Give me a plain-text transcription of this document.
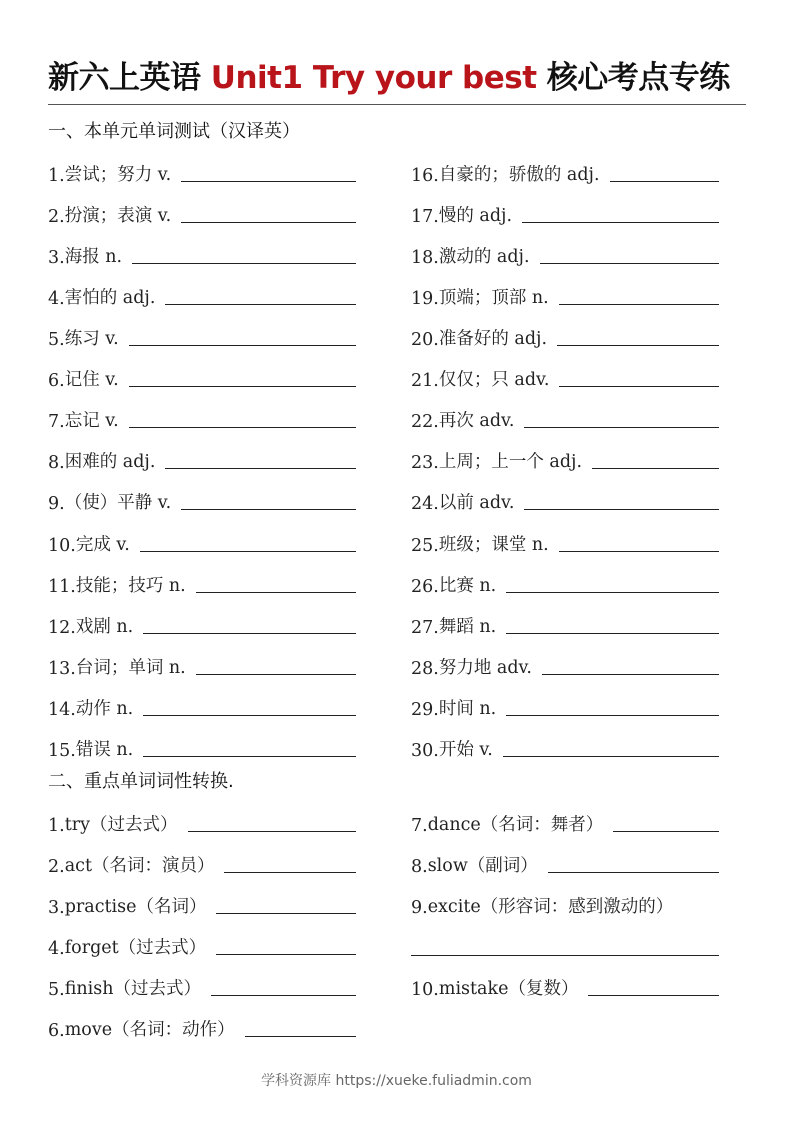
新六上英语 Unit1 Try your best 核心考点专练
一、本单元单词测试（汉译英）
1. 尝试；努力 v.
2. 扮演；表演 v.
3. 海报 n.
4. 害怕的 adj.
5. 练习 v.
6. 记住 v.
7. 忘记 v.
8. 困难的 adj.
9. （使）平静 v.
10. 完成 v.
11. 技能；技巧 n.
12. 戏剧 n.
13. 台词；单词 n.
14. 动作 n.
15. 错误 n.
16. 自豪的；骄傲的 adj.
17. 慢的 adj.
18. 激动的 adj.
19. 顶端；顶部 n.
20. 准备好的 adj.
21. 仅仅；只 adv.
22. 再次 adv.
23. 上周；上一个 adj.
24. 以前 adv.
25. 班级；课堂 n.
26. 比赛 n.
27. 舞蹈 n.
28. 努力地 adv.
29. 时间 n.
30. 开始 v.
二、重点单词词性转换.
1. try（过去式）
2. act（名词：演员）
3. practise（名词）
4. forget（过去式）
5. finish（过去式）
6. move（名词：动作）
7. dance（名词：舞者）
8. slow（副词）
9. excite（形容词：感到激动的）
10. mistake（复数）
学科资源库 https://xueke.fuliadmin.com
